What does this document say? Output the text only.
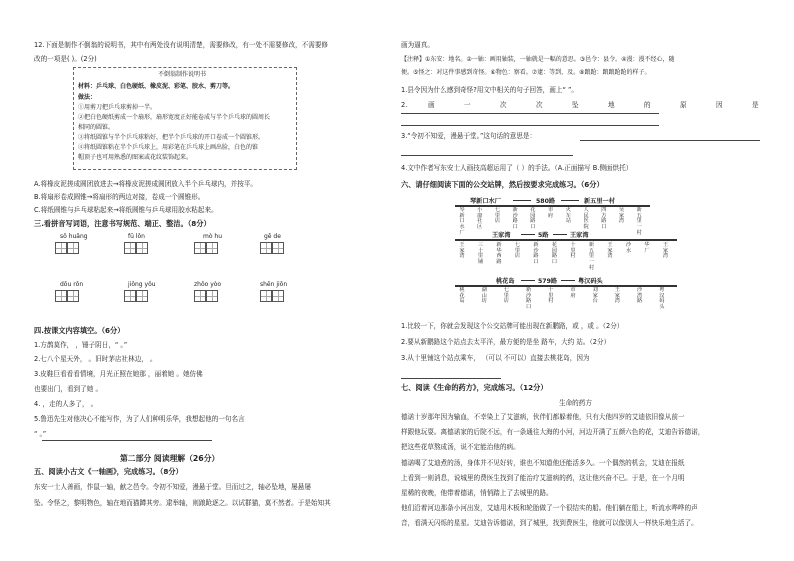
12.下面是制作不倒翁的说明书，其中有两处没有说明清楚，需要修改，有一处不需要修改，不需要修
改的一项是( )。(2分)
不倒翁制作说明书
材料：乒乓球、白色硬纸、橡皮泥、彩笔、胶水、剪刀等。
做法：
①用剪刀把乒乓球剪掉一半。
②把白色硬纸剪成一个扇形，扇形宽度正好能卷成与半个乒乓球的圆周长
相同的圆锥。
③将纸圆锥与半个乒乓球粘好，把半个乒乓球的开口卷成一个圆锥形。
④将纸圆锥粘在半个乒乓球上，用彩笔在乒乓球上画出脸，白色的锥
帽顶子也可用熟悉的图案或花纹装饰起来。
A.将橡皮泥搓成圆团放进去→将橡皮泥搓成圆团放入半个乒乓球内，并按平。
B.将扇形卷成圆锥→将扇形的两边对接，卷成一个圆锥形。
C.将纸圆锥与乒乓球粘起来→将纸圆锥与乒乓球用胶水粘起来。
三.看拼音写词语，注意书写规范、端正、整洁。（8分）
sō huǎng	fū lǒn	mò hu	gē de
dōu rǒn	jiōng yǒu	zhōo yòo	shēn jiōn
四.按课文内容填空。（6分）
1.方鹊莫作， ，锤子阴日，“ 。”
2.七八个星天外， 。旧时茅店社林边， 。
3.皮鞋巨看看看情境，月光正照在她那 ，丽着她 。她仿佛
也要出门，看到了她 。
4. ，走的人多了， 。
5.鲁迅先生对他决心不能写作，为了人们种明乐华，我想起他的一句名言
“ 。”
第二部分 阅读理解（26分）
五、阅读小古文《一轴画》，完成练习。（8分）
东安一士人善画，作鼠一轴，献之邑令。令初不知爱，漫悬于堂。旦而过之，轴必坠地，屡悬屡
坠。令怪之，黎明物色，轴在地而猫蹲其旁。逮举轴，则踉跄逐之。以试群猫，莫不然者。于是始知其
画为逼真。
【注释】①东安：地名。②一轴：画用轴装，一轴就是一幅的意思。③邑令：县令。④漫：漫不经心，随
便。⑤怪之：对这件事感到奇怪。⑥物色：察看。⑦逮：等到，及。⑧踉跄：踉踉跄跄的样子。
1.县令因为什么感到奇怪?用文中相关的句子回答，画上“ ”。
2.	画	一	次	次	坠	地	的	原	因	是
3.“令初不知爱，漫悬于堂。”这句话的意思是：
4.文中作者写东安士人画技高超运用了（ ）的手法。（A.正面描写 B.侧面烘托）
六、请仔细阅读下面的公交站牌，然后按要求完成练习。（6分）
琴新口水厂	580路	新五里一村
琴新口水厂
小康社区
七里店
新沙路口
花园路口
市府
火车站
人民医院
四方路口
吴家湾
新五里一村
王家湾	5路	王家湾
王家湾
三十里铺
新华西路
七里店
新沙路口
花园路口
十里村
新五里一村
王家湾
沙水
华厂
王家湾
桃花岛	579路	粤汉码头
桃花岛
湖山坊
七里店
新沙路口
十里村
市府
刘家台
王家湾
沙湾路
粤汉码头
1.比较一下，你就会发现这个公交站牌可能出现在新鹏路，或 ，或 。（2分）
2.要从新鹏路这个站点去太平洋，最方便的是坐 路车，大约 站。（2分）
3.从十里铺这个站点乘车， （可以 不可以）直接去桃花岛，因为
七、阅读《生命的药方》，完成练习。（12分）
生命的药方
德诺十岁那年因为输血，不幸染上了艾滋病，伙伴们都躲着他，只有大他四岁的艾迪依旧像从前一
样跟他玩耍。离德诺家的后院不远，有一条通往大海的小河，河边开满了五颜六色的花，艾迪告诉德诺，
把这些花草熬成汤，说不定能治他的病。
德诺喝了艾迪煮的汤，身体并不见好转，谁也不知道他还能活多久。一个偶然的机会，艾迪在报纸
上看到一则消息，说城里的费医生找到了能治疗艾滋病的药，这让他兴奋不已。于是，在一个月明
星稀的夜晚，他带着德诺，悄悄踏上了去城里的路。
他们沿着河边那条小河出发，艾迪用木板和轮胎做了一个很结实的船。他们躺在船上，听流水哗哗的声
音，看满天闪烁的星星。艾迪告诉德诺，到了城里，找到费医生，他就可以像别人一样快乐地生活了。
